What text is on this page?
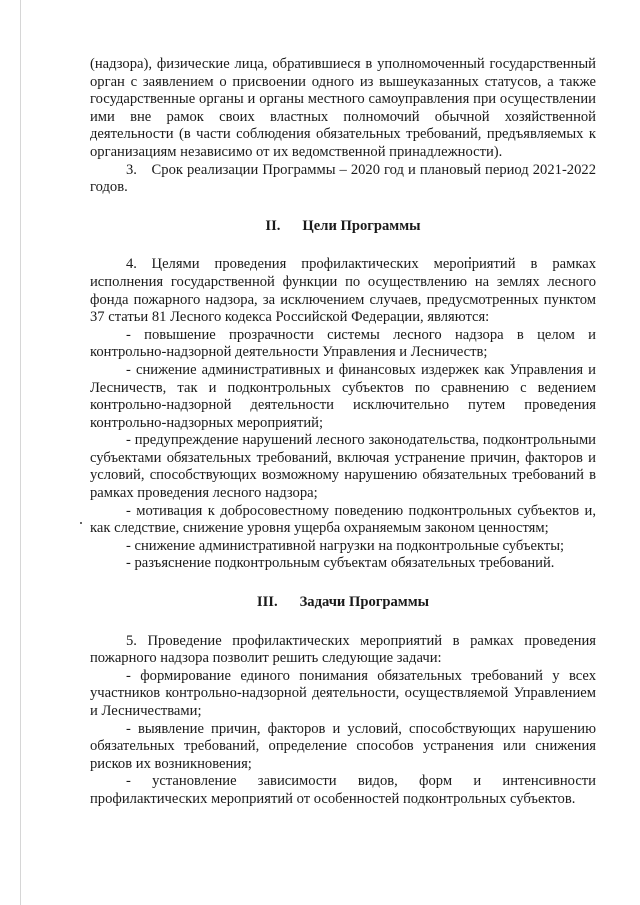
(надзора), физические лица, обратившиеся в уполномоченный государственный орган с заявлением о присвоении одного из вышеуказанных статусов, а также государственные органы и органы местного самоуправления при осуществлении ими вне рамок своих властных полномочий обычной хозяйственной деятельности (в части соблюдения обязательных требований, предъявляемых к организациям независимо от их ведомственной принадлежности).

3. Срок реализации Программы – 2020 год и плановый период 2021-2022 годов.

II. Цели Программы

4. Целями проведения профилактических мероприятий в рамках исполнения государственной функции по осуществлению на землях лесного фонда пожарного надзора, за исключением случаев, предусмотренных пунктом 37 статьи 81 Лесного кодекса Российской Федерации, являются:

- повышение прозрачности системы лесного надзора в целом и контрольно-надзорной деятельности Управления и Лесничеств;

- снижение административных и финансовых издержек как Управления и Лесничеств, так и подконтрольных субъектов по сравнению с ведением контрольно-надзорной деятельности исключительно путем проведения контрольно-надзорных мероприятий;

- предупреждение нарушений лесного законодательства, подконтрольными субъектами обязательных требований, включая устранение причин, факторов и условий, способствующих возможному нарушению обязательных требований в рамках проведения лесного надзора;

- мотивация к добросовестному поведению подконтрольных субъектов и, как следствие, снижение уровня ущерба охраняемым законом ценностям;

- снижение административной нагрузки на подконтрольные субъекты;

- разъяснение подконтрольным субъектам обязательных требований.

III. Задачи Программы

5. Проведение профилактических мероприятий в рамках проведения пожарного надзора позволит решить следующие задачи:

- формирование единого понимания обязательных требований у всех участников контрольно-надзорной деятельности, осуществляемой Управлением и Лесничествами;

- выявление причин, факторов и условий, способствующих нарушению обязательных требований, определение способов устранения или снижения рисков их возникновения;

- установление зависимости видов, форм и интенсивности профилактических мероприятий от особенностей подконтрольных субъектов.
